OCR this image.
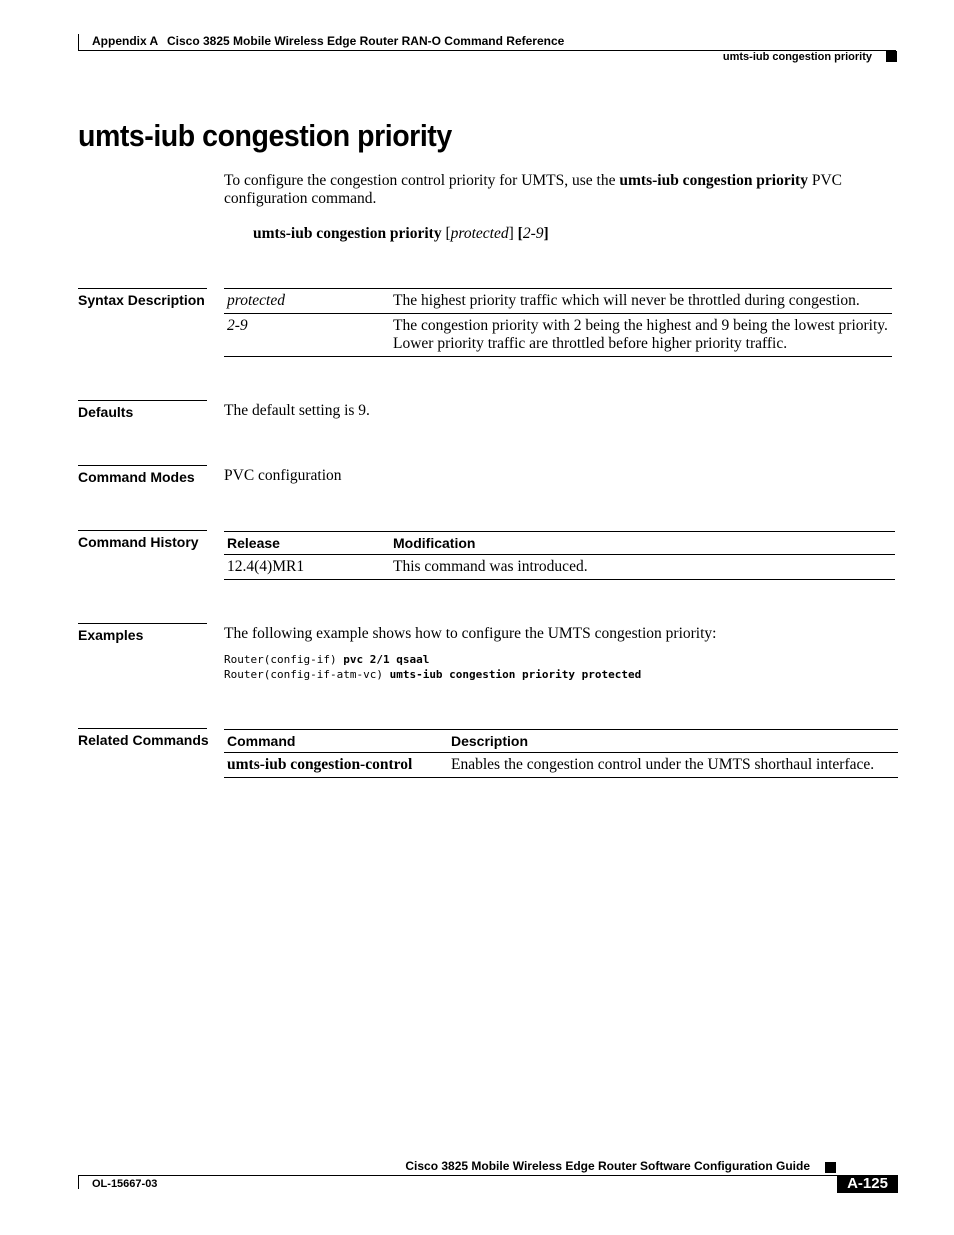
Appendix A Cisco 3825 Mobile Wireless Edge Router RAN-O Command Reference
umts-iub congestion priority
umts-iub congestion priority
To configure the congestion control priority for UMTS, use the umts-iub congestion priority PVC configuration command.
umts-iub congestion priority [protected] [2-9]
Syntax Description protected	The highest priority traffic which will never be throttled during congestion.
2-9	The congestion priority with 2 being the highest and 9 being the lowest priority. Lower priority traffic are throttled before higher priority traffic.
Defaults	The default setting is 9.
Command Modes	PVC configuration
Command History	Release	Modification
12.4(4)MR1	This command was introduced.
Examples	The following example shows how to configure the UMTS congestion priority:
Router(config-if) pvc 2/1 qsaal
Router(config-if-atm-vc) umts-iub congestion priority protected
Related Commands Command	Description
umts-iub congestion-control	Enables the congestion control under the UMTS shorthaul interface.
Cisco 3825 Mobile Wireless Edge Router Software Configuration Guide
OL-15667-03	A-125
